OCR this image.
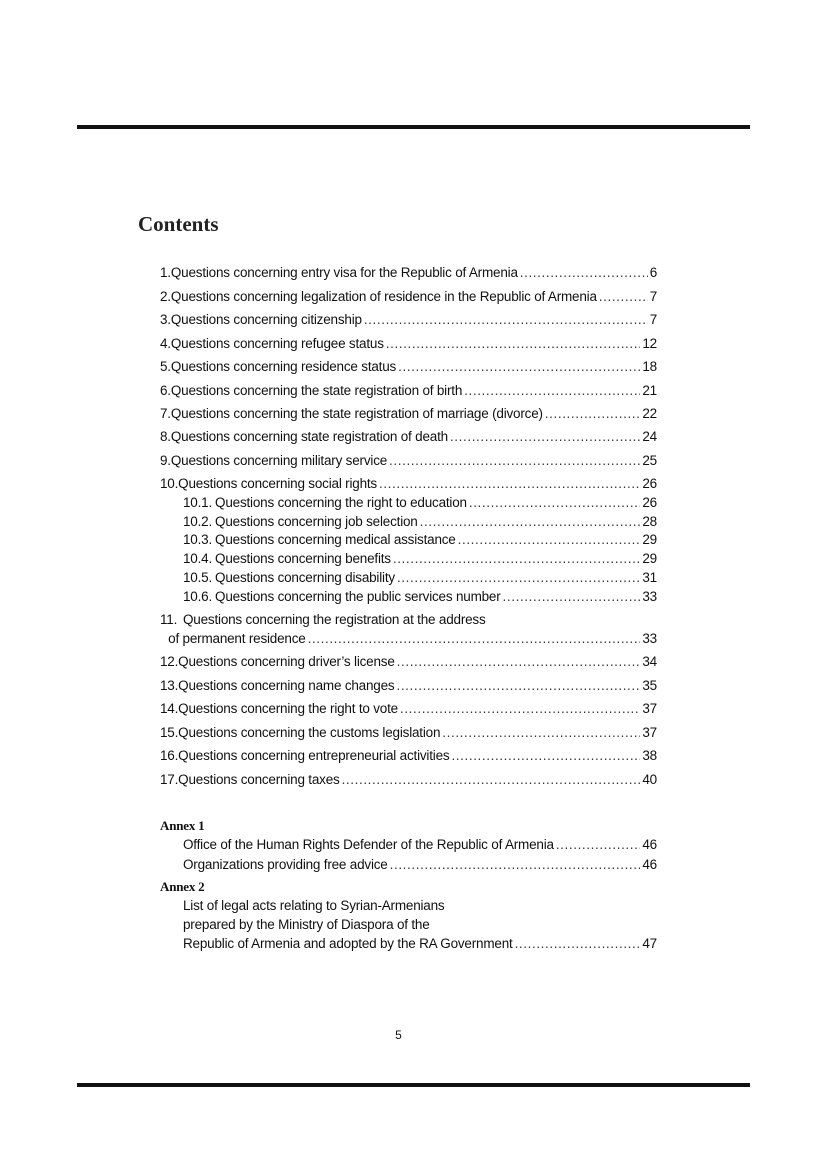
Contents
1. Questions concerning entry visa for the Republic of Armenia .....	6
2. Questions concerning legalization of residence in the Republic of Armenia .....	7
3. Questions concerning citizenship .....	7
4. Questions concerning refugee status .....	12
5. Questions concerning residence status .....	18
6. Questions concerning the state registration of birth .....	21
7. Questions concerning the state registration of marriage (divorce) .....	22
8. Questions concerning state registration of death .....	24
9. Questions concerning military service .....	25
10. Questions concerning social rights .....	26
10.1. Questions concerning the right to education .....	26
10.2. Questions concerning job selection .....	28
10.3. Questions concerning medical assistance .....	29
10.4. Questions concerning benefits .....	29
10.5. Questions concerning disability .....	31
10.6. Questions concerning the public services number .....	33
11. Questions concerning the registration at the address
of permanent residence .....	33
12. Questions concerning driver’s license .....	34
13. Questions concerning name changes .....	35
14. Questions concerning the right to vote .....	37
15. Questions concerning the customs legislation .....	37
16. Questions concerning entrepreneurial activities .....	38
17. Questions concerning taxes .....	40
Annex 1
Office of the Human Rights Defender of the Republic of Armenia .....	46
Organizations providing free advice .....	46
Annex 2
List of legal acts relating to Syrian-Armenians
prepared by the Ministry of Diaspora of the
Republic of Armenia and adopted by the RA Government .....	47
5
